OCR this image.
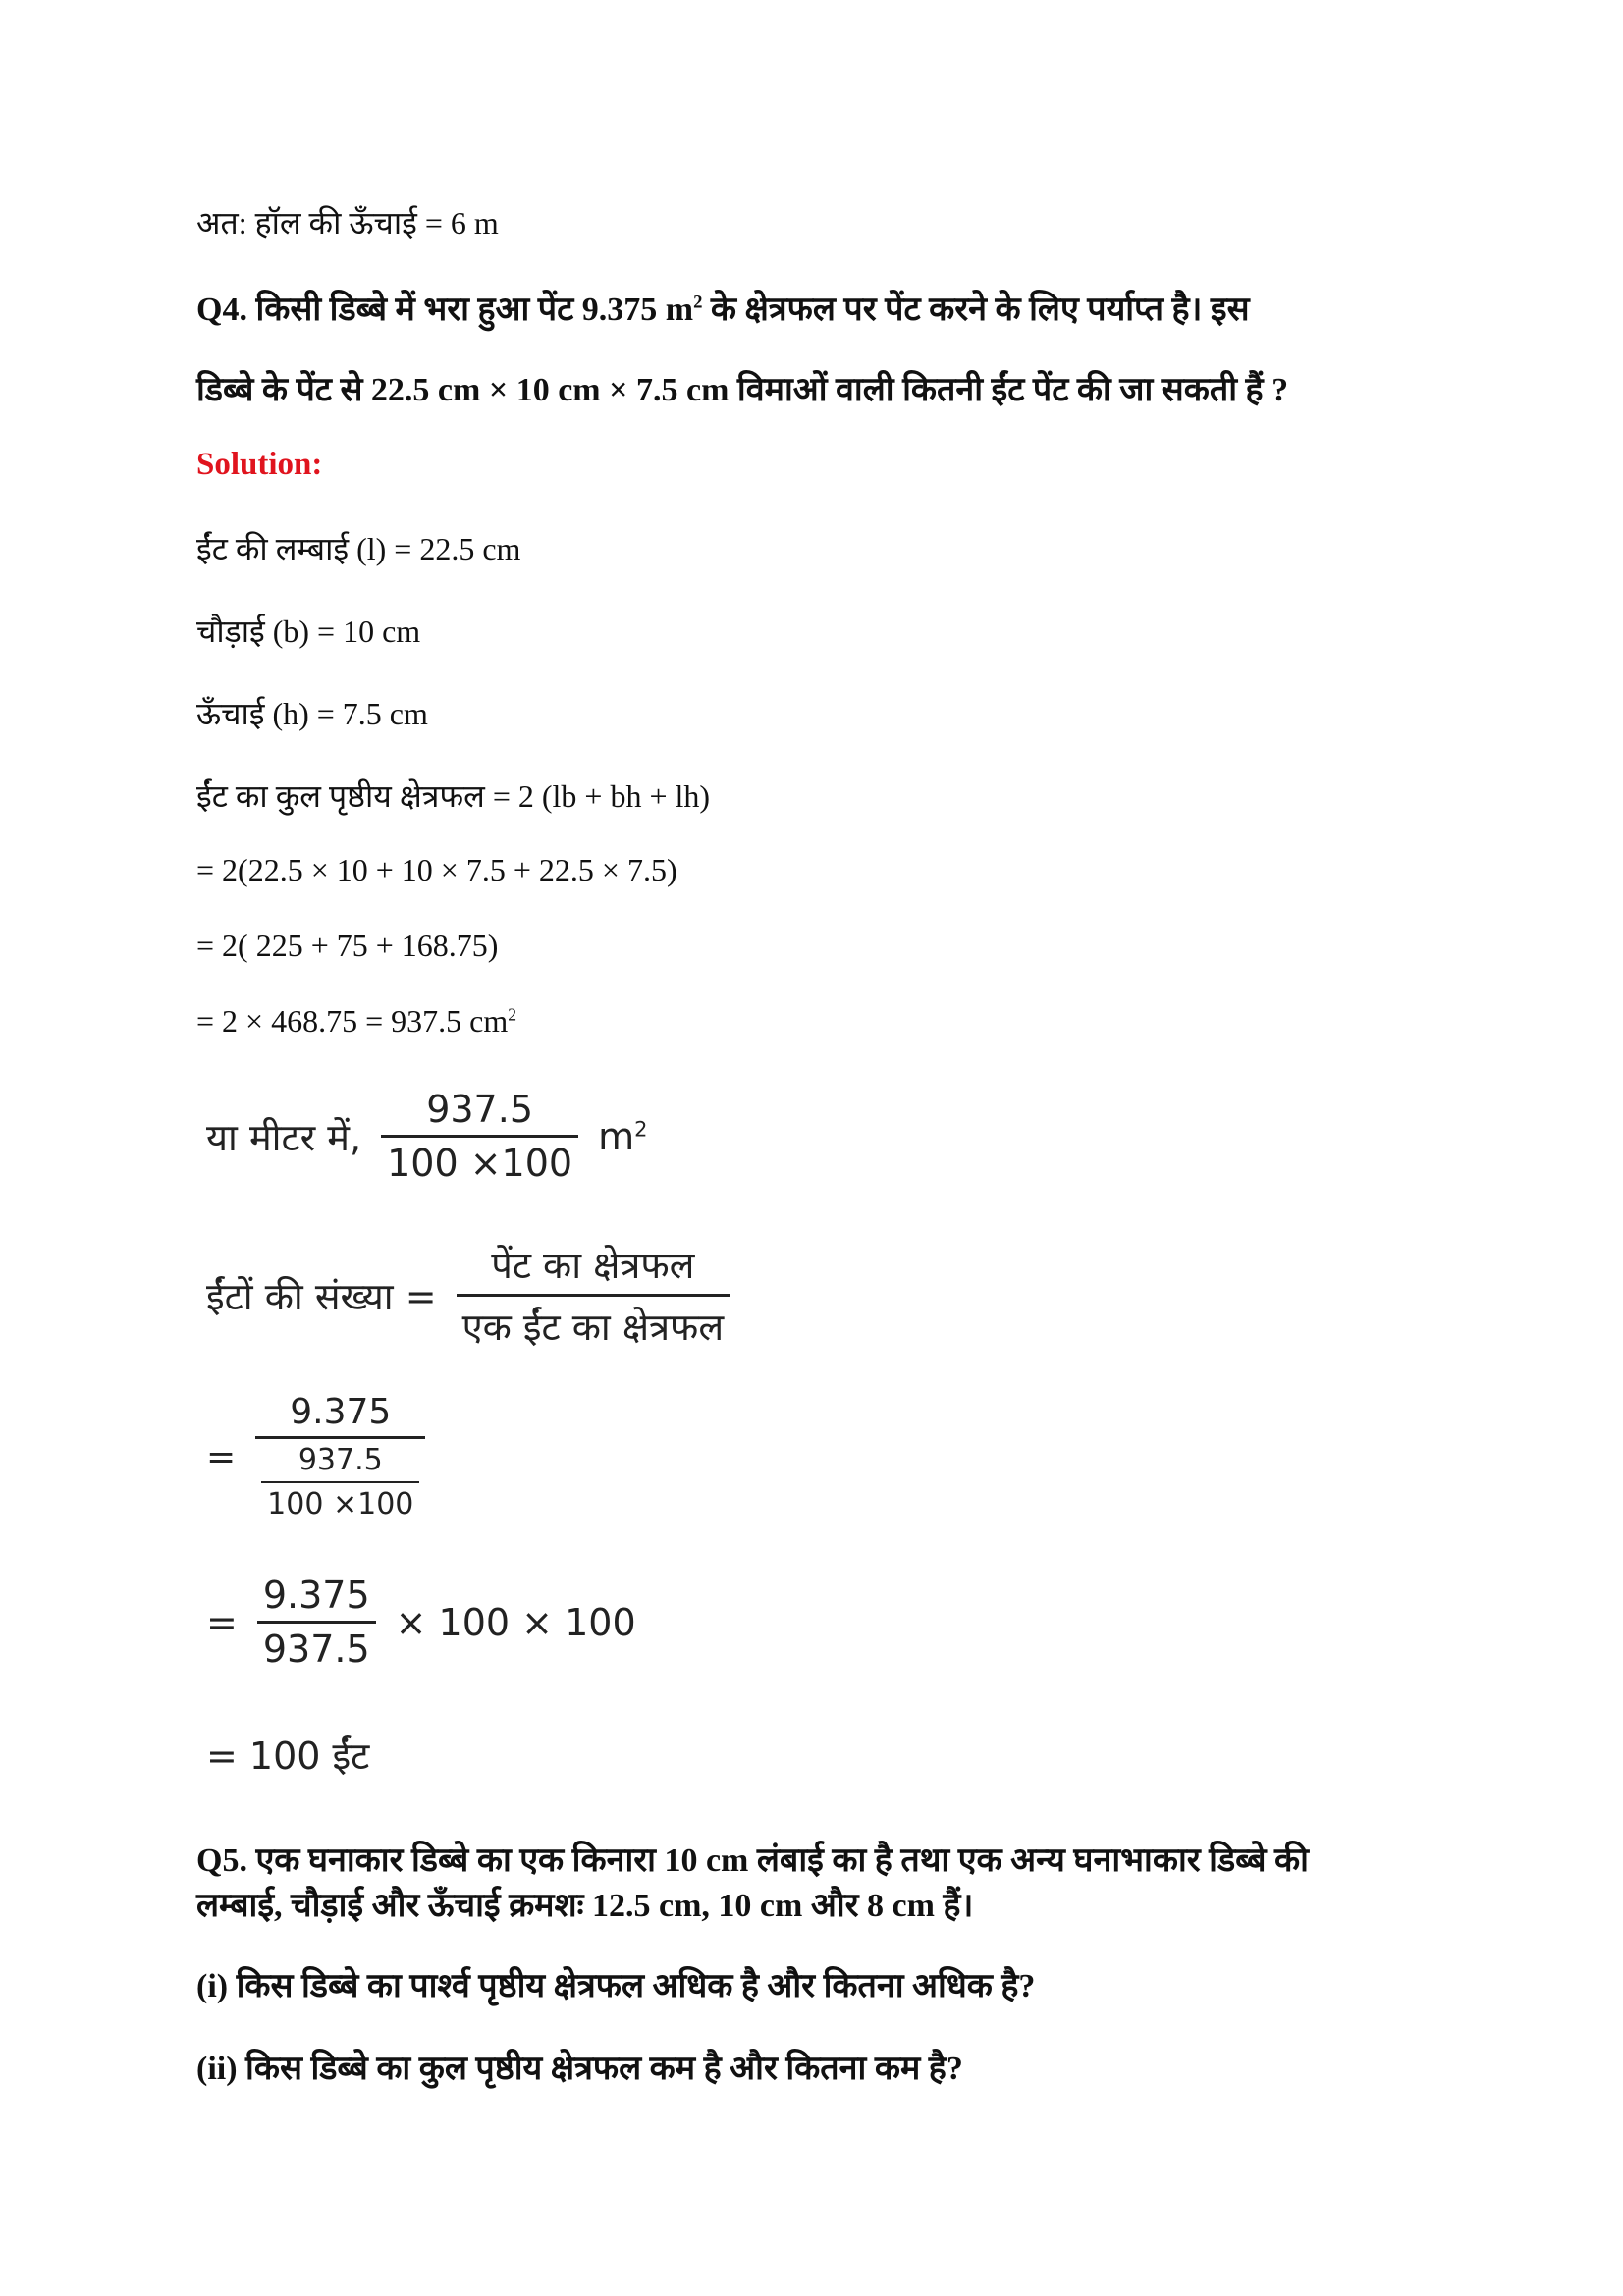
अत: हॉल की ऊँचाई = 6 m
Q4. किसी डिब्बे में भरा हुआ पेंट 9.375 $m^2$ के क्षेत्रफल पर पेंट करने के लिए पर्याप्त है। इस
डिब्बे के पेंट से 22.5 cm × 10 cm × 7.5 cm विमाओं वाली कितनी ईंट पेंट की जा सकती हैं ?
Solution:
ईंट की लम्बाई (l) = 22.5 cm
चौड़ाई (b) = 10 cm
ऊँचाई (h) = 7.5 cm
ईंट का कुल पृष्ठीय क्षेत्रफल = 2 (lb + bh + lh)
= 2(22.5 × 10 + 10 × 7.5 + 22.5 × 7.5)
= 2( 225 + 75 + 168.75)
= 2 × 468.75 = 937.5 $cm^2$
या मीटर में, $\frac{937.5}{100 \times 100} m^2$
ईंटों की संख्या = $\frac{\text{पेंट का क्षेत्रफल}}{\text{एक ईंट का क्षेत्रफल}}$
= $\frac{9.375}{\frac{937.5}{100 \times 100}}$
= $\frac{9.375}{937.5} \times 100 \times 100$
= 100 ईंट
Q5. एक घनाकार डिब्बे का एक किनारा 10 cm लंबाई का है तथा एक अन्य घनाभाकार डिब्बे की
लम्बाई, चौड़ाई और ऊँचाई क्रमशः 12.5 cm, 10 cm और 8 cm हैं।
(i) किस डिब्बे का पार्श्व पृष्ठीय क्षेत्रफल अधिक है और कितना अधिक है?
(ii) किस डिब्बे का कुल पृष्ठीय क्षेत्रफल कम है और कितना कम है?
